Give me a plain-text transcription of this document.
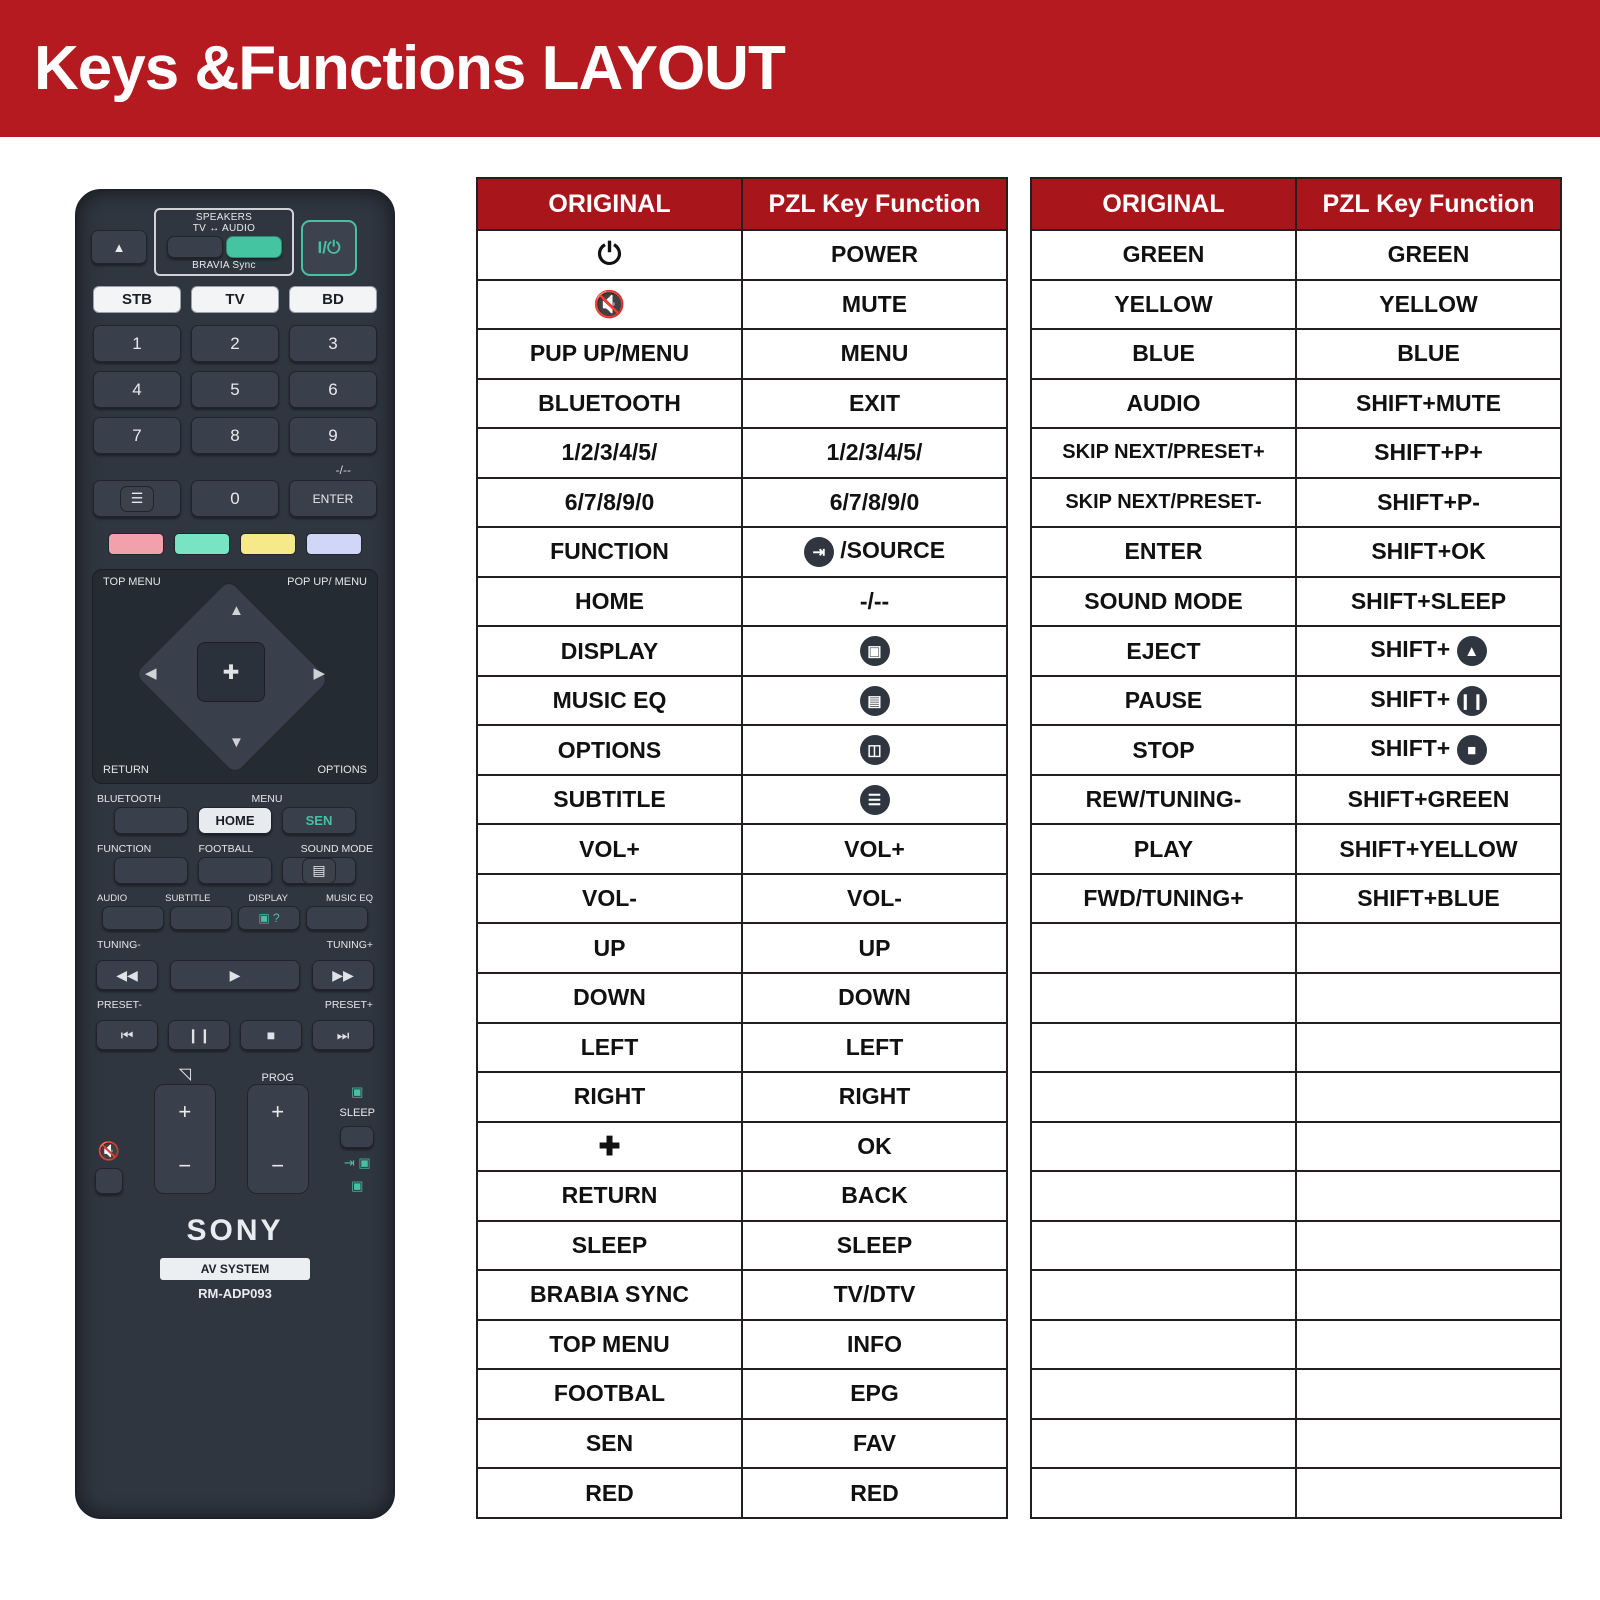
Keys &Functions LAYOUT
▲
SPEAKERS
TV ↔ AUDIO
BRAVIA Sync
I/⏻
STB	TV	BD
1	2	3
4	5	6
7	8	9
-/--
☰	0	ENTER
TOP MENU	POP UP/ MENU
RETURN	OPTIONS
▲
▼
◀	▶
✚
BLUETOOTH	MENU
HOME	SEN
FUNCTION	FOOTBALL	SOUND MODE
▤
AUDIO	SUBTITLE	DISPLAY	MUSIC EQ
▣ ?
TUNING-	TUNING+
◀◀	▶	▶▶
PRESET-	PRESET+
⏮	❙❙	■	⏭
🔇
◹
+
−
PROG
+
−
▣
SLEEP
⇥ ▣
▣
SONY
AV SYSTEM
RM-ADP093
ORIGINAL	PZL Key Function
⏻	POWER
🔇	MUTE
PUP UP/MENU	MENU
BLUETOOTH	EXIT
1/2/3/4/5/	1/2/3/4/5/
6/7/8/9/0	6/7/8/9/0
FUNCTION	⇥ /SOURCE
HOME	-/--
DISPLAY	▣
MUSIC EQ	▤
OPTIONS	◫
SUBTITLE	☰
VOL+	VOL+
VOL-	VOL-
UP	UP
DOWN	DOWN
LEFT	LEFT
RIGHT	RIGHT
✚	OK
RETURN	BACK
SLEEP	SLEEP
BRABIA SYNC	TV/DTV
TOP MENU	INFO
FOOTBAL	EPG
SEN	FAV
RED	RED
ORIGINAL	PZL Key Function
GREEN	GREEN
YELLOW	YELLOW
BLUE	BLUE
AUDIO	SHIFT+MUTE
SKIP NEXT/PRESET+	SHIFT+P+
SKIP NEXT/PRESET-	SHIFT+P-
ENTER	SHIFT+OK
SOUND MODE	SHIFT+SLEEP
EJECT	SHIFT+ ▲
PAUSE	SHIFT+ ❙❙
STOP	SHIFT+ ■
REW/TUNING-	SHIFT+GREEN
PLAY	SHIFT+YELLOW
FWD/TUNING+	SHIFT+BLUE
